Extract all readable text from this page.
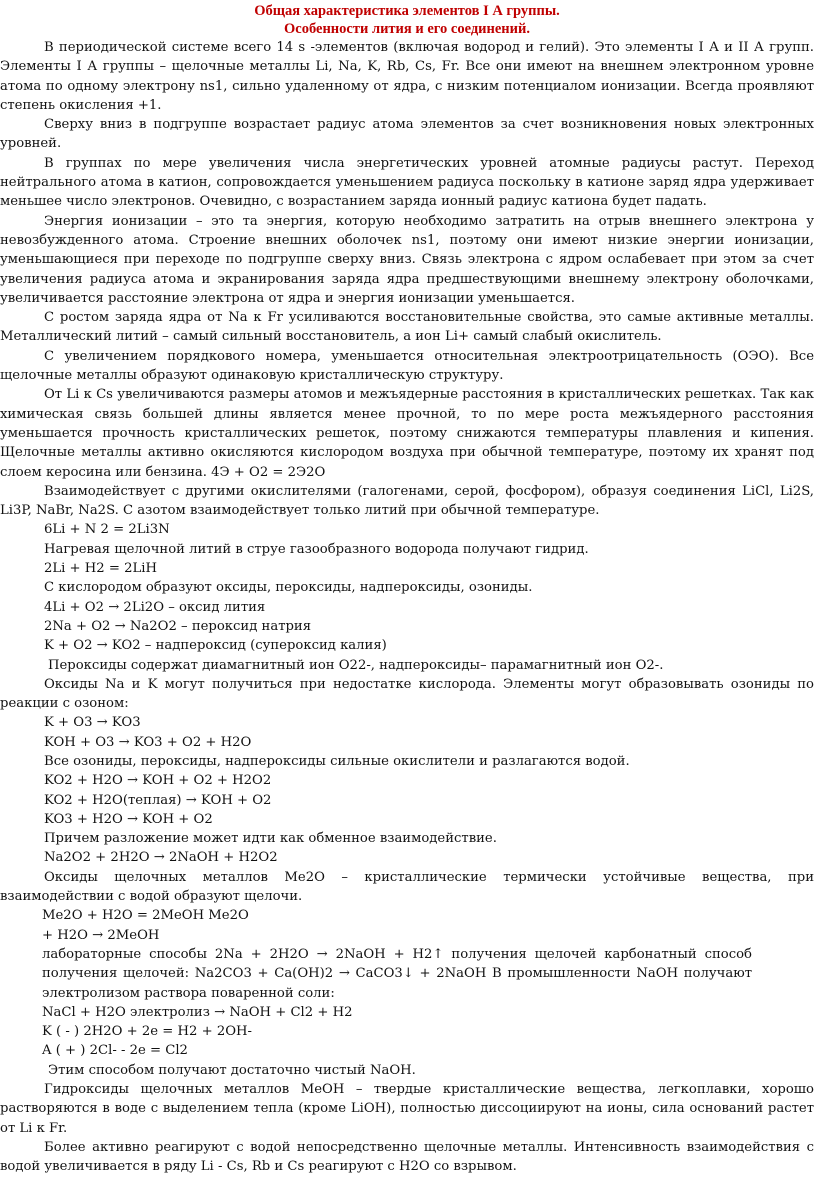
Общая характеристика элементов I А группы.
Особенности лития и его соединений.

В периодической системе всего 14 s -элементов (включая водород и гелий). Это элементы I А и II А групп. Элементы I А группы – щелочные металлы Li, Na, K, Rb, Cs, Fr. Все они имеют на внешнем электронном уровне атома по одному электрону ns1, сильно удаленному от ядра, с низким потенциалом ионизации. Всегда проявляют степень окисления +1.

Сверху вниз в подгруппе возрастает радиус атома элементов за счет возникновения новых электронных уровней.

В группах по мере увеличения числа энергетических уровней атомные радиусы растут. Переход нейтрального атома в катион, сопровождается уменьшением радиуса поскольку в катионе заряд ядра удерживает меньшее число электронов. Очевидно, с возрастанием заряда ионный радиус катиона будет падать.

Энергия ионизации – это та энергия, которую необходимо затратить на отрыв внешнего электрона у невозбужденного атома. Строение внешних оболочек ns1, поэтому они имеют низкие энергии ионизации, уменьшающиеся при переходе по подгруппе сверху вниз. Связь электрона с ядром ослабевает при этом за счет увеличения радиуса атома и экранирования заряда ядра предшествующими внешнему электрону оболочками, увеличивается расстояние электрона от ядра и энергия ионизации уменьшается.

С ростом заряда ядра от Na к Fr усиливаются восстановительные свойства, это самые активные металлы. Металлический литий – самый сильный восстановитель, а ион Li+ самый слабый окислитель.

С увеличением порядкового номера, уменьшается относительная электроотрицательность (ОЭО). Все щелочные металлы образуют одинаковую кристаллическую структуру.

От Li к Cs увеличиваются размеры атомов и межъядерные расстояния в кристаллических решетках. Так как химическая связь большей длины является менее прочной, то по мере роста межъядерного расстояния уменьшается прочность кристаллических решеток, поэтому снижаются температуры плавления и кипения. Щелочные металлы активно окисляются кислородом воздуха при обычной температуре, поэтому их хранят под слоем керосина или бензина. 4Э + О2 = 2Э2О

Взаимодействует с другими окислителями (галогенами, серой, фосфором), образуя соединения LiCl, Li2S, Li3P, NaBr, Na2S. С азотом взаимодействует только литий при обычной температуре.

6Li + N 2 = 2Li3N

Нагревая щелочной литий в струе газообразного водорода получают гидрид.

2Li + H2 = 2LiH

С кислородом образуют оксиды, пероксиды, надпероксиды, озониды.

4Li + O2 → 2Li2O – оксид лития

2Na + O2 → Na2O2 – пероксид натрия

K + O2 → KO2 – надпероксид (супероксид калия)

Пероксиды содержат диамагнитный ион O22-, надпероксиды– парамагнитный ион O2-.

Оксиды Na и K могут получиться при недостатке кислорода. Элементы могут образовывать озониды по реакции с озоном:

K + O3 → KO3

KOH + O3 → KO3 + O2 + H2O

Все озониды, пероксиды, надпероксиды сильные окислители и разлагаются водой.

KO2 + H2O → KOH + O2 + H2O2

KO2 + H2O(теплая) → KOH + O2

KO3 + H2O → KOH + O2

Причем разложение может идти как обменное взаимодействие.

Na2O2 + 2H2O → 2NaOH + H2O2

Оксиды щелочных металлов Ме2О – кристаллические термически устойчивые вещества, при взаимодействии с водой образуют щелочи.

Ме2О + Н2О = 2МеОН Ме2О

+ Н2О → 2МеОН

лабораторные способы 2Na + 2H2O → 2NaOH + H2↑ получения щелочей карбонатный способ получения щелочей: Na2CO3 + Ca(OH)2 → CaCO3↓ + 2NaOH В промышленности NaOH получают электролизом раствора поваренной соли:

NaCl + H2O электролиз → NaOH + Cl2 + H2

K ( - ) 2H2O + 2e = H2 + 2OH-

A ( + ) 2Cl- - 2e = Cl2

Этим способом получают достаточно чистый NaOH.

Гидроксиды щелочных металлов МеОН – твердые кристаллические вещества, легкоплавки, хорошо растворяются в воде с выделением тепла (кроме LiOH), полностью диссоциируют на ионы, сила оснований растет от Li к Fr.

Более активно реагируют с водой непосредственно щелочные металлы. Интенсивность взаимодействия с водой увеличивается в ряду Li - Cs, Rb и Cs реагируют с H2O со взрывом.
